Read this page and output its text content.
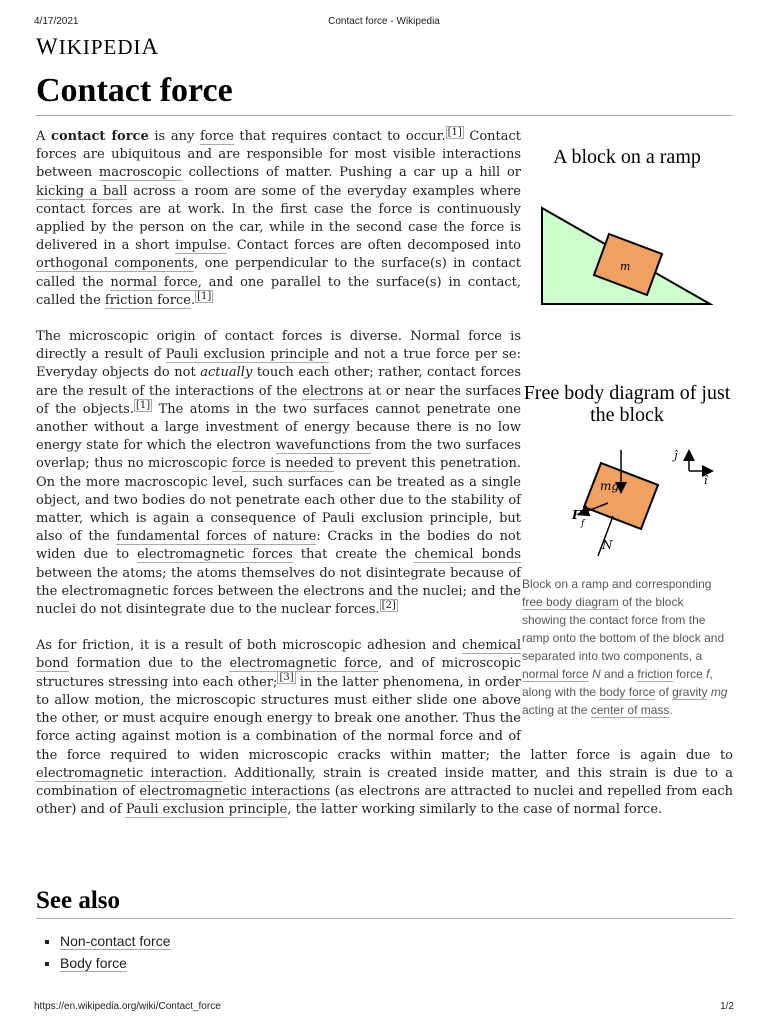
4/17/2021	Contact force - Wikipedia
WIKIPEDIA
Contact force

A contact force is any force that requires contact to occur. [1] Contact forces are ubiquitous and are responsible for most visible interactions between macroscopic collections of matter. Pushing a car up a hill or kicking a ball across a room are some of the everyday examples where contact forces are at work. In the first case the force is continuously applied by the person on the car, while in the second case the force is delivered in a short impulse. Contact forces are often decomposed into orthogonal components, one perpendicular to the surface(s) in contact called the normal force, and one parallel to the surface(s) in contact, called the friction force. [1]

The microscopic origin of contact forces is diverse. Normal force is directly a result of Pauli exclusion principle and not a true force per se: Everyday objects do not actually touch each other; rather, contact forces are the result of the interactions of the electrons at or near the surfaces of the objects. [1] The atoms in the two surfaces cannot penetrate one another without a large investment of energy because there is no low energy state for which the electron wavefunctions from the two surfaces overlap; thus no microscopic force is needed to prevent this penetration. On the more macroscopic level, such surfaces can be treated as a single object, and two bodies do not penetrate each other due to the stability of matter, which is again a consequence of Pauli exclusion principle, but also of the fundamental forces of nature: Cracks in the bodies do not widen due to electromagnetic forces that create the chemical bonds between the atoms; the atoms themselves do not disintegrate because of the electromagnetic forces between the electrons and the nuclei; and the nuclei do not disintegrate due to the nuclear forces. [2]

As for friction, it is a result of both microscopic adhesion and chemical bond formation due to the electromagnetic force, and of microscopic structures stressing into each other; [3] in the latter phenomena, in order to allow motion, the microscopic structures must either slide one above the other, or must acquire enough energy to break one another. Thus the force acting against motion is a combination of the normal force and of the force required to widen microscopic cracks within matter; the latter force is again due to electromagnetic interaction. Additionally, strain is created inside matter, and this strain is due to a combination of electromagnetic interactions (as electrons are attracted to nuclei and repelled from each other) and of Pauli exclusion principle, the latter working similarly to the case of normal force.

A block on a ramp
m
Free body diagram of just the block
mg
F
f
N
ĵ
î
Block on a ramp and corresponding free body diagram of the block showing the contact force from the ramp onto the bottom of the block and separated into two components, a normal force N and a friction force f, along with the body force of gravity mg acting at the center of mass.
See also
▪ Non-contact force
▪ Body force
https://en.wikipedia.org/wiki/Contact_force	1/2
